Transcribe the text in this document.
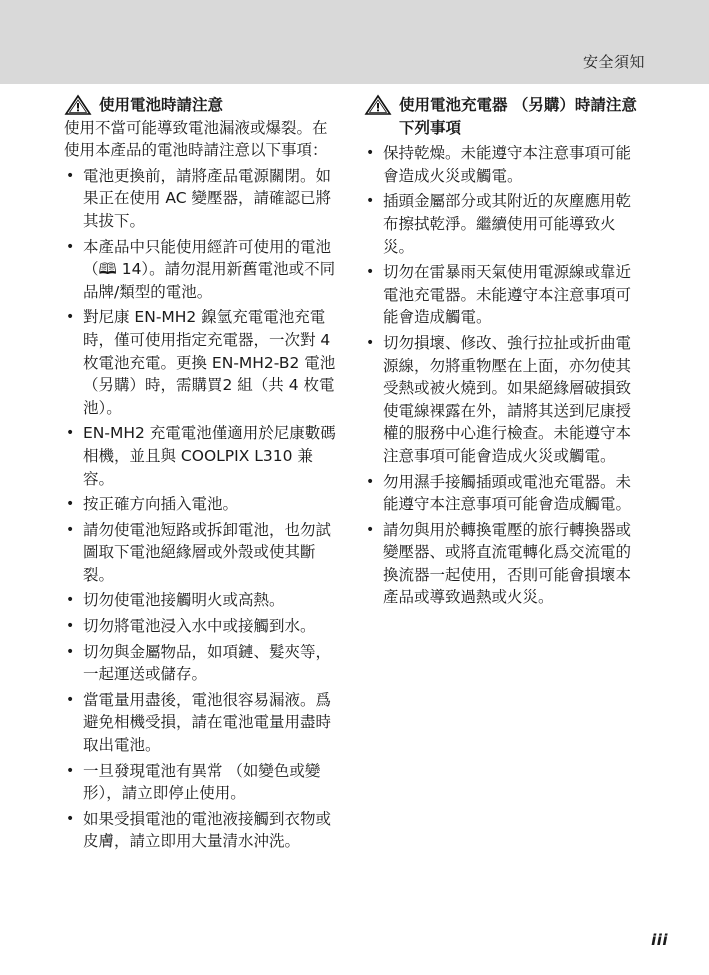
安全須知
使用電池時請注意

使用不當可能導致電池漏液或爆裂。在使用本產品的電池時請注意以下事項：

• 電池更換前，請將產品電源關閉。如果正在使用 AC 變壓器，請確認已將其拔下。
• 本產品中只能使用經許可使用的電池（🕮 14）。請勿混用新舊電池或不同品牌/類型的電池。
• 對尼康 EN-MH2 鎳氫充電電池充電時，僅可使用指定充電器，一次對 4 枚電池充電。更換 EN-MH2-B2 電池 （另購）時，需購買2 組（共 4 枚電池）。
• EN-MH2 充電電池僅適用於尼康數碼相機，並且與 COOLPIX L310 兼容。
• 按正確方向插入電池。
• 請勿使電池短路或拆卸電池，也勿試圖取下電池絕緣層或外殼或使其斷裂。
• 切勿使電池接觸明火或高熱。
• 切勿將電池浸入水中或接觸到水。
• 切勿與金屬物品，如項鏈、髮夾等，一起運送或儲存。
• 當電量用盡後，電池很容易漏液。爲避免相機受損，請在電池電量用盡時取出電池。
• 一旦發現電池有異常 （如變色或變形），請立即停止使用。
• 如果受損電池的電池液接觸到衣物或皮膚，請立即用大量清水沖洗。
使用電池充電器 （另購）時請注意下列事項
• 保持乾燥。未能遵守本注意事項可能會造成火災或觸電。
• 插頭金屬部分或其附近的灰塵應用乾布擦拭乾淨。繼續使用可能導致火災。
• 切勿在雷暴雨天氣使用電源線或靠近電池充電器。未能遵守本注意事項可能會造成觸電。
• 切勿損壞、修改、強行拉扯或折曲電源線，勿將重物壓在上面，亦勿使其受熱或被火燒到。如果絕緣層破損致使電線裸露在外，請將其送到尼康授權的服務中心進行檢查。未能遵守本注意事項可能會造成火災或觸電。
• 勿用濕手接觸插頭或電池充電器。未能遵守本注意事項可能會造成觸電。
• 請勿與用於轉換電壓的旅行轉換器或變壓器、或將直流電轉化爲交流電的換流器一起使用，否則可能會損壞本產品或導致過熱或火災。
iii
